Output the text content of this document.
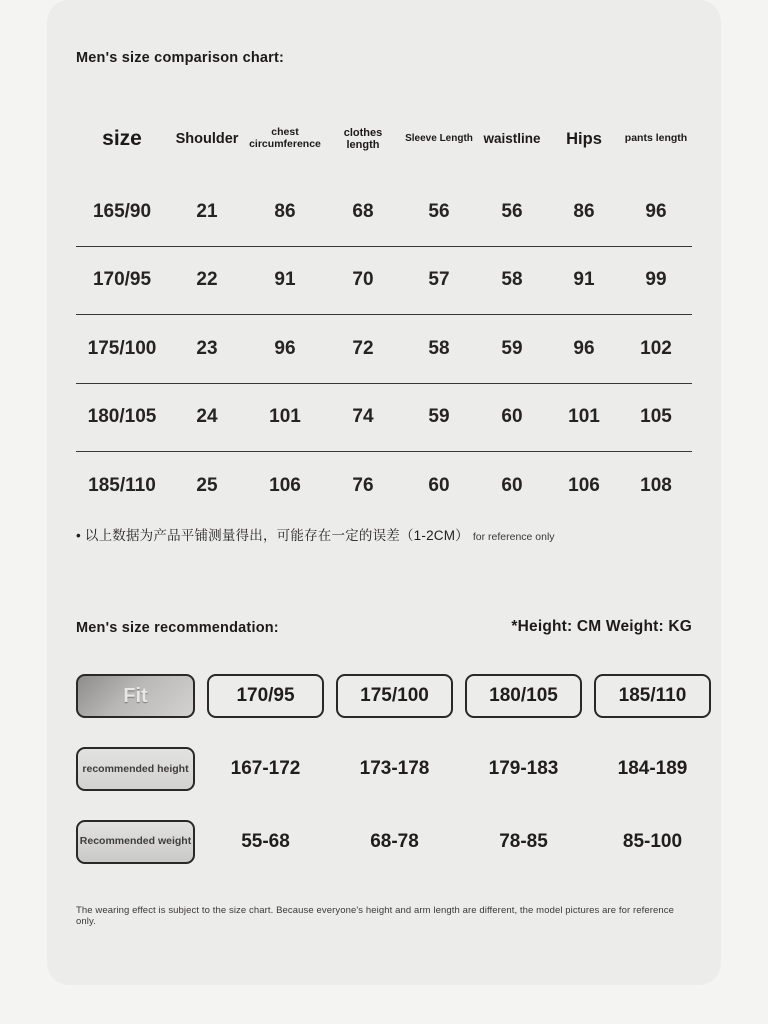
Men's size comparison chart:
size	Shoulder	chest circumference	clothes length	Sleeve Length	waistline	Hips	pants length
165/90	21	86	68	56	56	86	96
170/95	22	91	70	57	58	91	99
175/100	23	96	72	58	59	96	102
180/105	24	101	74	59	60	101	105
185/110	25	106	76	60	60	106	108
• 以上数据为产品平铺测量得出，可能存在一定的误差（1-2CM） for reference only
Men's size recommendation:	*Height: CM Weight: KG
Fit	170/95	175/100	180/105	185/110
recommended height	167-172	173-178	179-183	184-189
Recommended weight	55-68	68-78	78-85	85-100
The wearing effect is subject to the size chart. Because everyone's height and arm length are different, the model pictures are for reference only.
